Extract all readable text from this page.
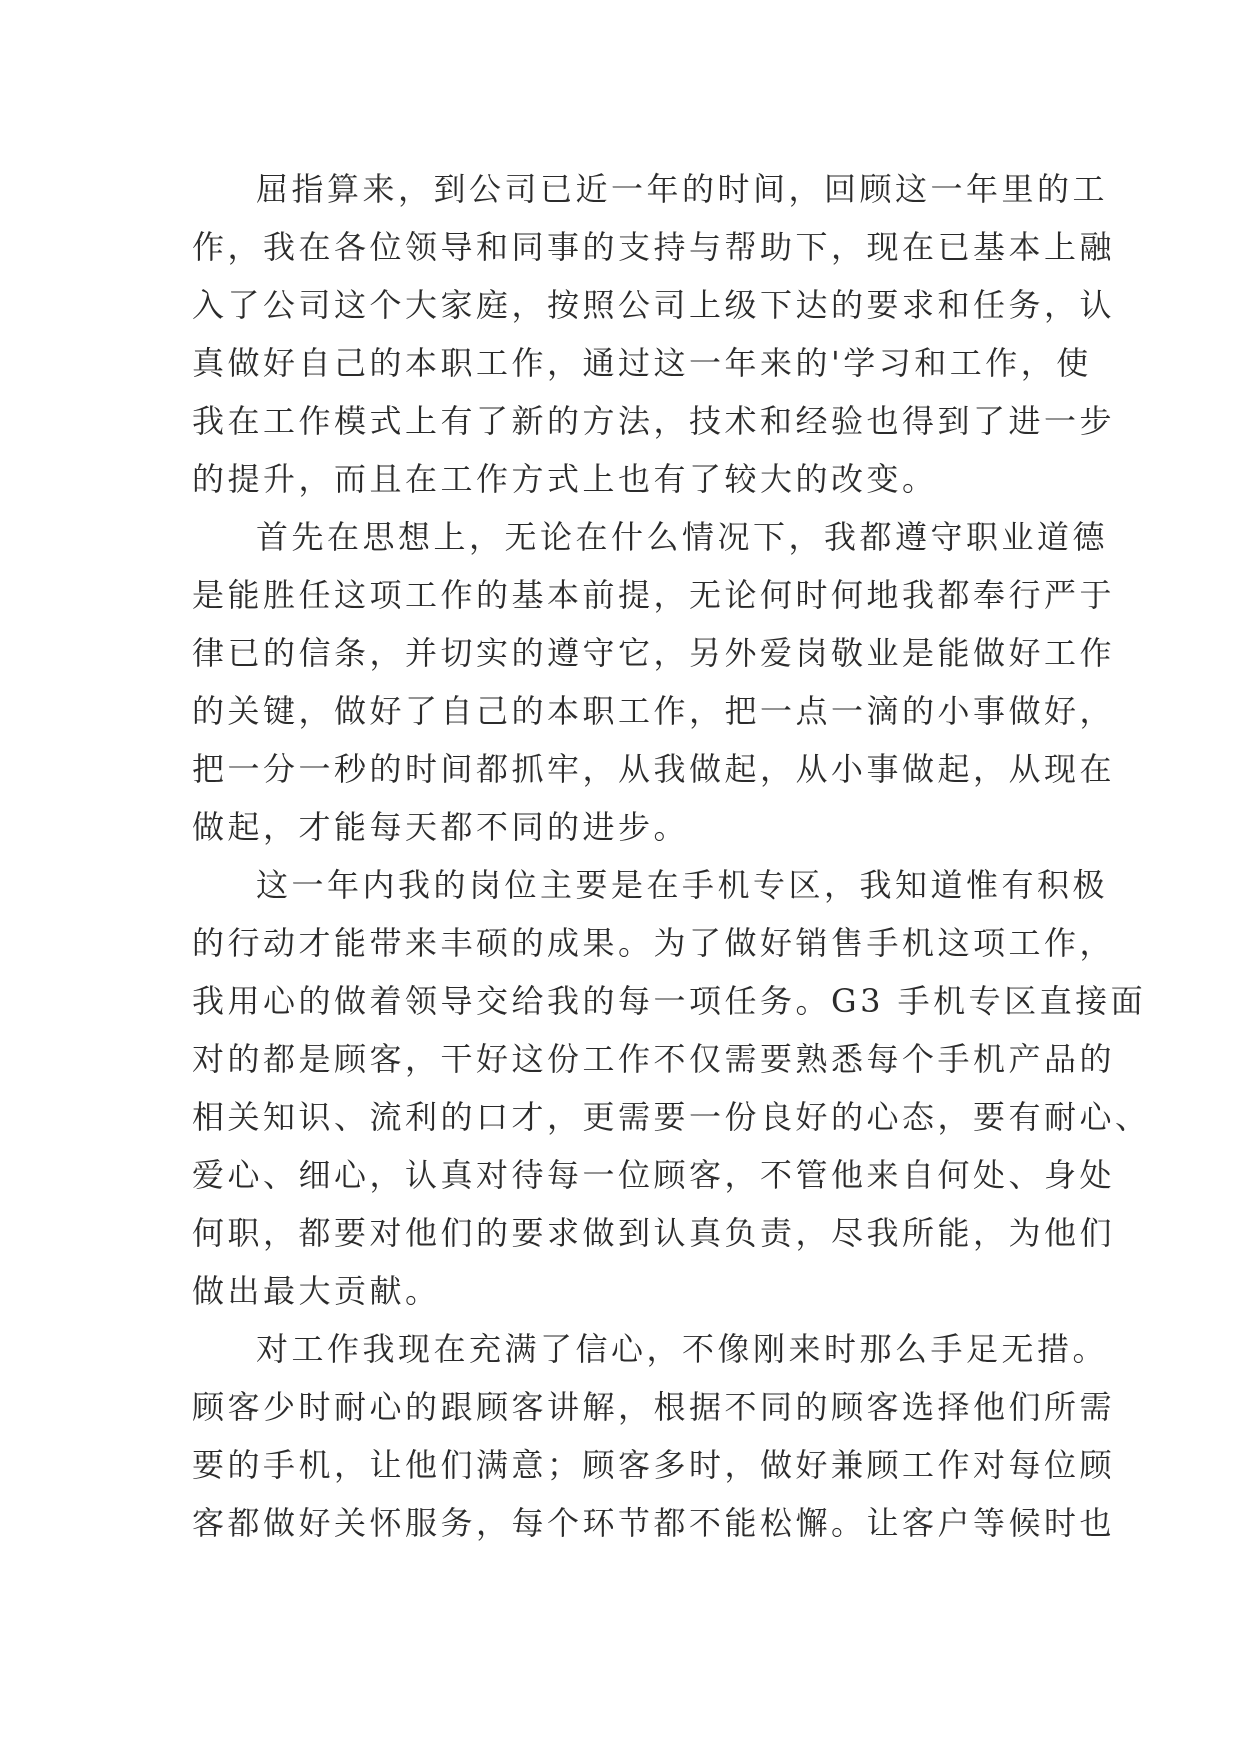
屈指算来，到公司已近一年的时间，回顾这一年里的工
作，我在各位领导和同事的支持与帮助下，现在已基本上融
入了公司这个大家庭，按照公司上级下达的要求和任务，认
真做好自己的本职工作，通过这一年来的'学习和工作，使
我在工作模式上有了新的方法，技术和经验也得到了进一步
的提升，而且在工作方式上也有了较大的改变。
首先在思想上，无论在什么情况下，我都遵守职业道德
是能胜任这项工作的基本前提，无论何时何地我都奉行严于
律已的信条，并切实的遵守它，另外爱岗敬业是能做好工作
的关键，做好了自己的本职工作，把一点一滴的小事做好，
把一分一秒的时间都抓牢，从我做起，从小事做起，从现在
做起，才能每天都不同的进步。
这一年内我的岗位主要是在手机专区，我知道惟有积极
的行动才能带来丰硕的成果。为了做好销售手机这项工作，
我用心的做着领导交给我的每一项任务。G3 手机专区直接面
对的都是顾客，干好这份工作不仅需要熟悉每个手机产品的
相关知识、流利的口才，更需要一份良好的心态，要有耐心、
爱心、细心，认真对待每一位顾客，不管他来自何处、身处
何职，都要对他们的要求做到认真负责，尽我所能，为他们
做出最大贡献。
对工作我现在充满了信心，不像刚来时那么手足无措。
顾客少时耐心的跟顾客讲解，根据不同的顾客选择他们所需
要的手机，让他们满意；顾客多时，做好兼顾工作对每位顾
客都做好关怀服务，每个环节都不能松懈。让客户等候时也
